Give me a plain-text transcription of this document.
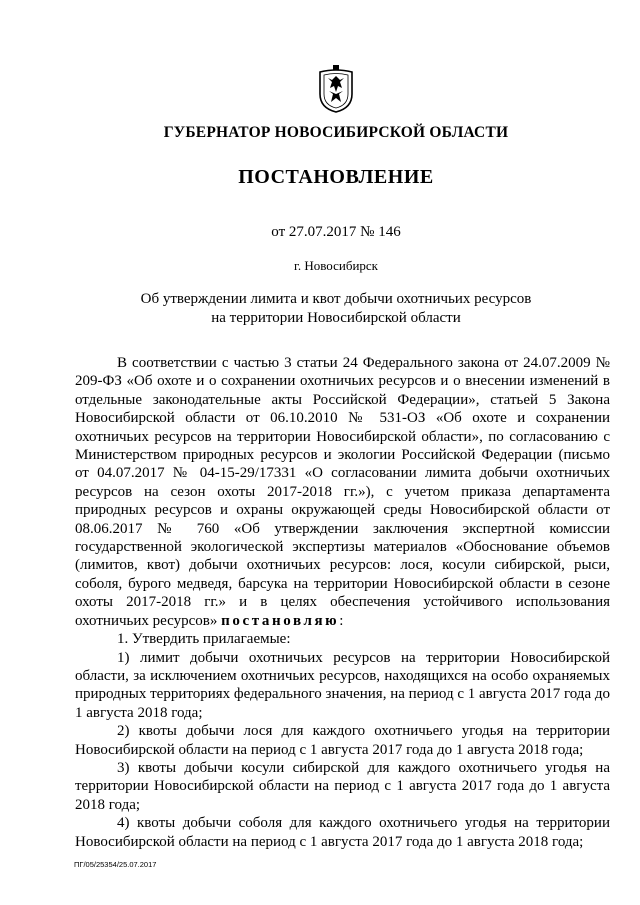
ГУБЕРНАТОР НОВОСИБИРСКОЙ ОБЛАСТИ
ПОСТАНОВЛЕНИЕ
от 27.07.2017 № 146
г. Новосибирск
Об утверждении лимита и квот добычи охотничьих ресурсов
на территории Новосибирской области

В соответствии с частью 3 статьи 24 Федерального закона от 24.07.2009 № 209-ФЗ «Об охоте и о сохранении охотничьих ресурсов и о внесении изменений в отдельные законодательные акты Российской Федерации», статьей 5 Закона Новосибирской области от 06.10.2010 № 531-ОЗ «Об охоте и сохранении охотничьих ресурсов на территории Новосибирской области», по согласованию с Министерством природных ресурсов и экологии Российской Федерации (письмо от 04.07.2017 № 04-15-29/17331 «О согласовании лимита добычи охотничьих ресурсов на сезон охоты 2017-2018 гг.»), с учетом приказа департамента природных ресурсов и охраны окружающей среды Новосибирской области от 08.06.2017 № 760 «Об утверждении заключения экспертной комиссии государственной экологической экспертизы материалов «Обоснование объемов (лимитов, квот) добычи охотничьих ресурсов: лося, косули сибирской, рыси, соболя, бурого медведя, барсука на территории Новосибирской области в сезоне охоты 2017-2018 гг.» и в целях обеспечения устойчивого использования охотничьих ресурсов» постановляю:

1. Утвердить прилагаемые:

1) лимит добычи охотничьих ресурсов на территории Новосибирской области, за исключением охотничьих ресурсов, находящихся на особо охраняемых природных территориях федерального значения, на период с 1 августа 2017 года до 1 августа 2018 года;

2) квоты добычи лося для каждого охотничьего угодья на территории Новосибирской области на период с 1 августа 2017 года до 1 августа 2018 года;

3) квоты добычи косули сибирской для каждого охотничьего угодья на территории Новосибирской области на период с 1 августа 2017 года до 1 августа 2018 года;

4) квоты добычи соболя для каждого охотничьего угодья на территории Новосибирской области на период с 1 августа 2017 года до 1 августа 2018 года;

ПГ/05/25354/25.07.2017
